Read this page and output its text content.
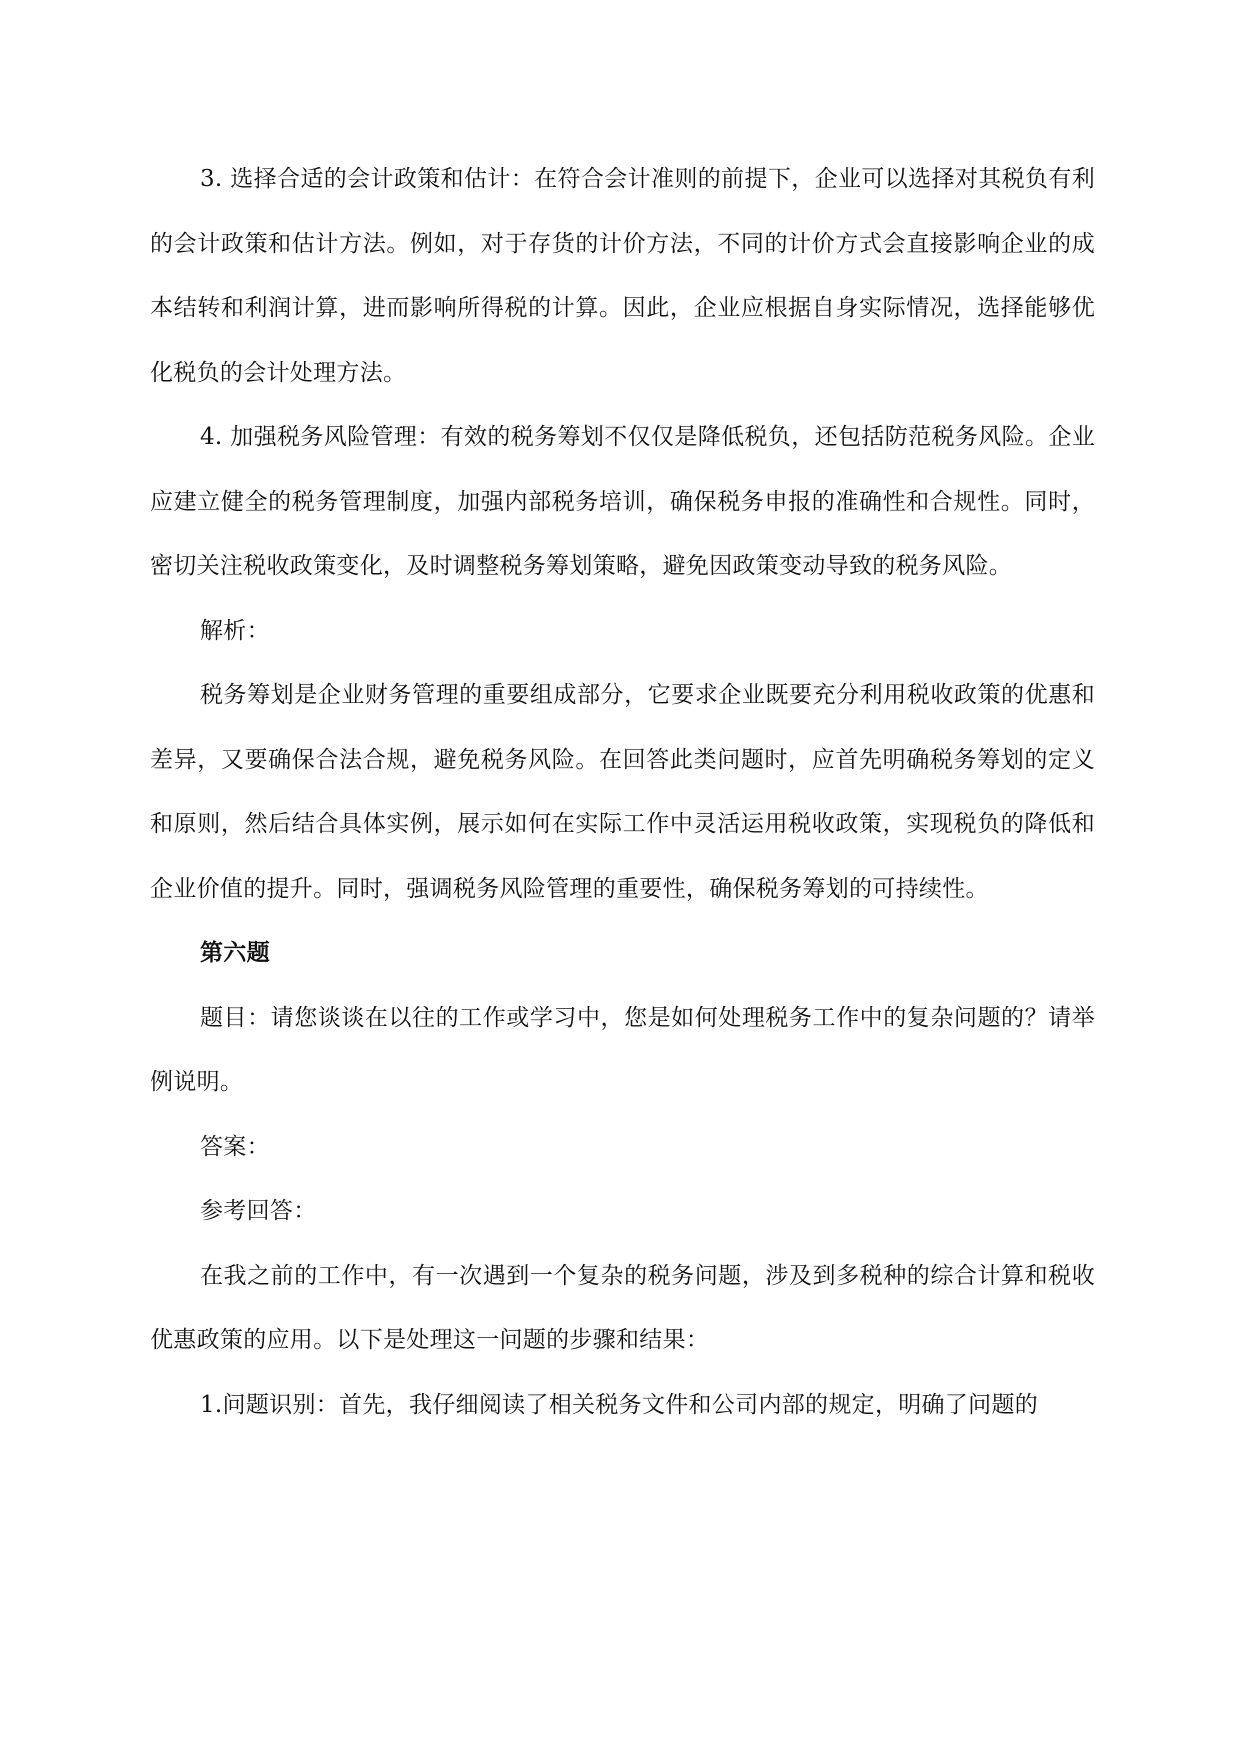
3. 选择合适的会计政策和估计：在符合会计准则的前提下，企业可以选择对其税负有利的会计政策和估计方法。例如，对于存货的计价方法，不同的计价方式会直接影响企业的成本结转和利润计算，进而影响所得税的计算。因此，企业应根据自身实际情况，选择能够优化税负的会计处理方法。

4. 加强税务风险管理：有效的税务筹划不仅仅是降低税负，还包括防范税务风险。企业应建立健全的税务管理制度，加强内部税务培训，确保税务申报的准确性和合规性。同时，密切关注税收政策变化，及时调整税务筹划策略，避免因政策变动导致的税务风险。

解析：

税务筹划是企业财务管理的重要组成部分，它要求企业既要充分利用税收政策的优惠和差异，又要确保合法合规，避免税务风险。在回答此类问题时，应首先明确税务筹划的定义和原则，然后结合具体实例，展示如何在实际工作中灵活运用税收政策，实现税负的降低和企业价值的提升。同时，强调税务风险管理的重要性，确保税务筹划的可持续性。

第六题

题目：请您谈谈在以往的工作或学习中，您是如何处理税务工作中的复杂问题的？请举例说明。

答案：

参考回答：

在我之前的工作中，有一次遇到一个复杂的税务问题，涉及到多税种的综合计算和税收优惠政策的应用。以下是处理这一问题的步骤和结果：

1.问题识别：首先，我仔细阅读了相关税务文件和公司内部的规定，明确了问题的
